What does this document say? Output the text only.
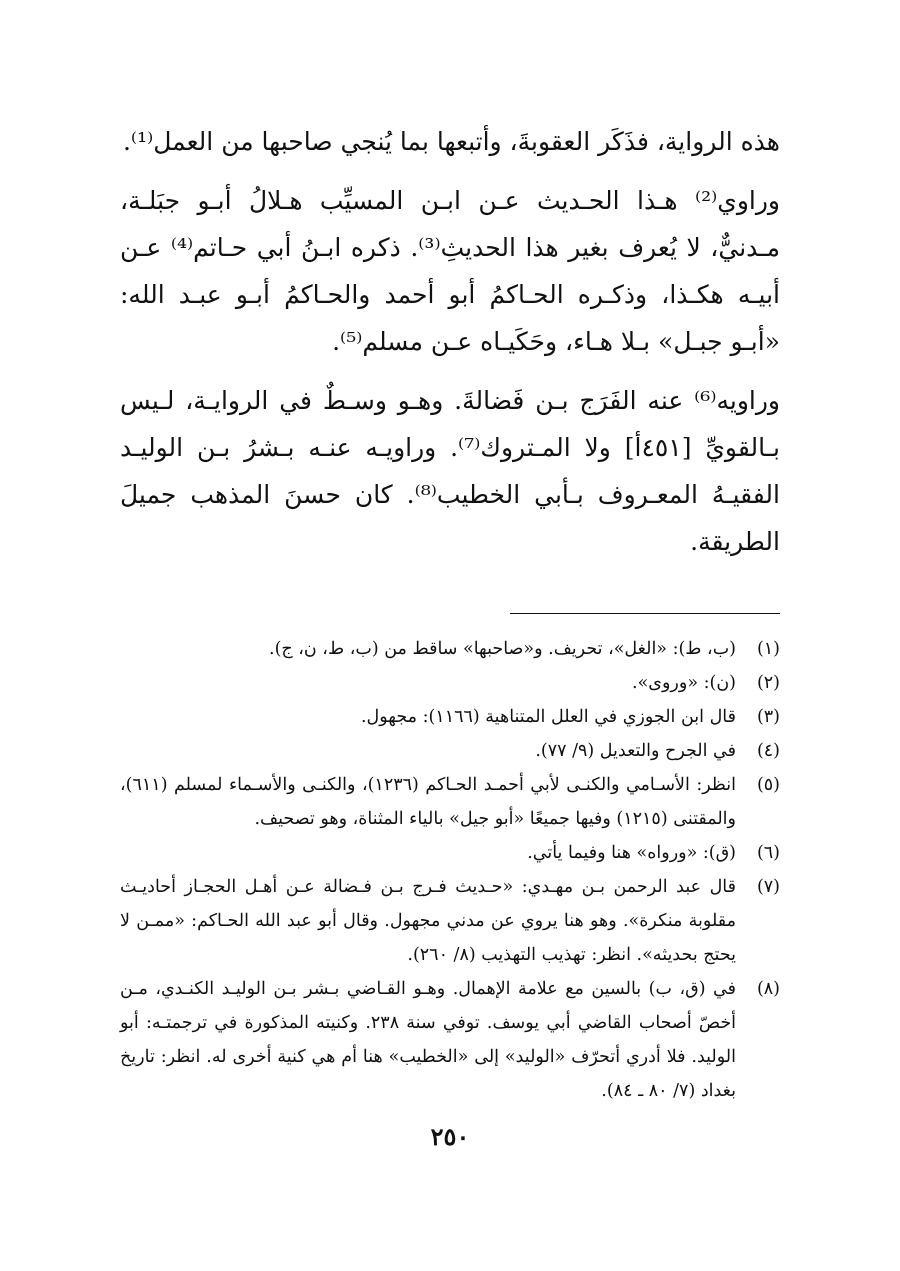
هذه الرواية، فذَكَر العقوبةَ، وأتبعها بما يُنجي صاحبها من العمل⁽¹⁾.

وراوي⁽²⁾ هـذا الحـديث عـن ابـن المسيِّب هـلالُ أبـو جبَلـة، مـدنيٌّ، لا يُعرف بغير هذا الحديثِ⁽³⁾. ذكره ابـنُ أبي حـاتم⁽⁴⁾ عـن أبيـه هكـذا، وذكـره الحـاكمُ أبو أحمد والحـاكمُ أبـو عبـد الله: «أبـو جبـل» بـلا هـاء، وحَكَيـاه عـن مسلم⁽⁵⁾.

وراويه⁽⁶⁾ عنه الفَرَج بـن فَضالةَ. وهـو وسـطٌ في الروايـة، لـيس بـالقويِّ [٤٥١أ] ولا المـتروك⁽⁷⁾. وراويـه عنـه بـشرُ بـن الوليـد الفقيـهُ المعـروف بـأبي الخطيب⁽⁸⁾. كان حسنَ المذهب جميلَ الطريقة.

(١)
(ب، ط): «الغل»، تحريف. و«صاحبها» ساقط من (ب، ط، ن، ج).
(٢)
(ن): «وروى».
(٣)
قال ابن الجوزي في العلل المتناهية (١١٦٦): مجهول.
(٤)
في الجرح والتعديل (٩/ ٧٧).
(٥)
انظر: الأسـامي والكنـى لأبي أحمـد الحـاكم (١٢٣٦)، والكنـى والأسـماء لمسلم (٦١١)، والمقتنى (١٢١٥) وفيها جميعًا «أبو جيل» بالياء المثناة، وهو تصحيف.
(٦)
(ق): «ورواه» هنا وفيما يأتي.
(٧)
قال عبد الرحمن بـن مهـدي: «حـديث فـرج بـن فـضالة عـن أهـل الحجـاز أحاديـث مقلوبة منكرة». وهو هنا يروي عن مدني مجهول. وقال أبو عبد الله الحـاكم: «ممـن لا يحتج بحديثه». انظر: تهذيب التهذيب (٨/ ٢٦٠).
(٨)
في (ق، ب) بالسين مع علامة الإهمال. وهـو القـاضي بـشر بـن الوليـد الكنـدي، مـن أخصّ أصحاب القاضي أبي يوسف. توفي سنة ٢٣٨. وكنيته المذكورة في ترجمتـه: أبو الوليد. فلا أدري أتحرّف «الوليد» إلى «الخطيب» هنا أم هي كنية أخرى له. انظر: تاريخ بغداد (٧/ ٨٠ ـ ٨٤).
٢٥٠
